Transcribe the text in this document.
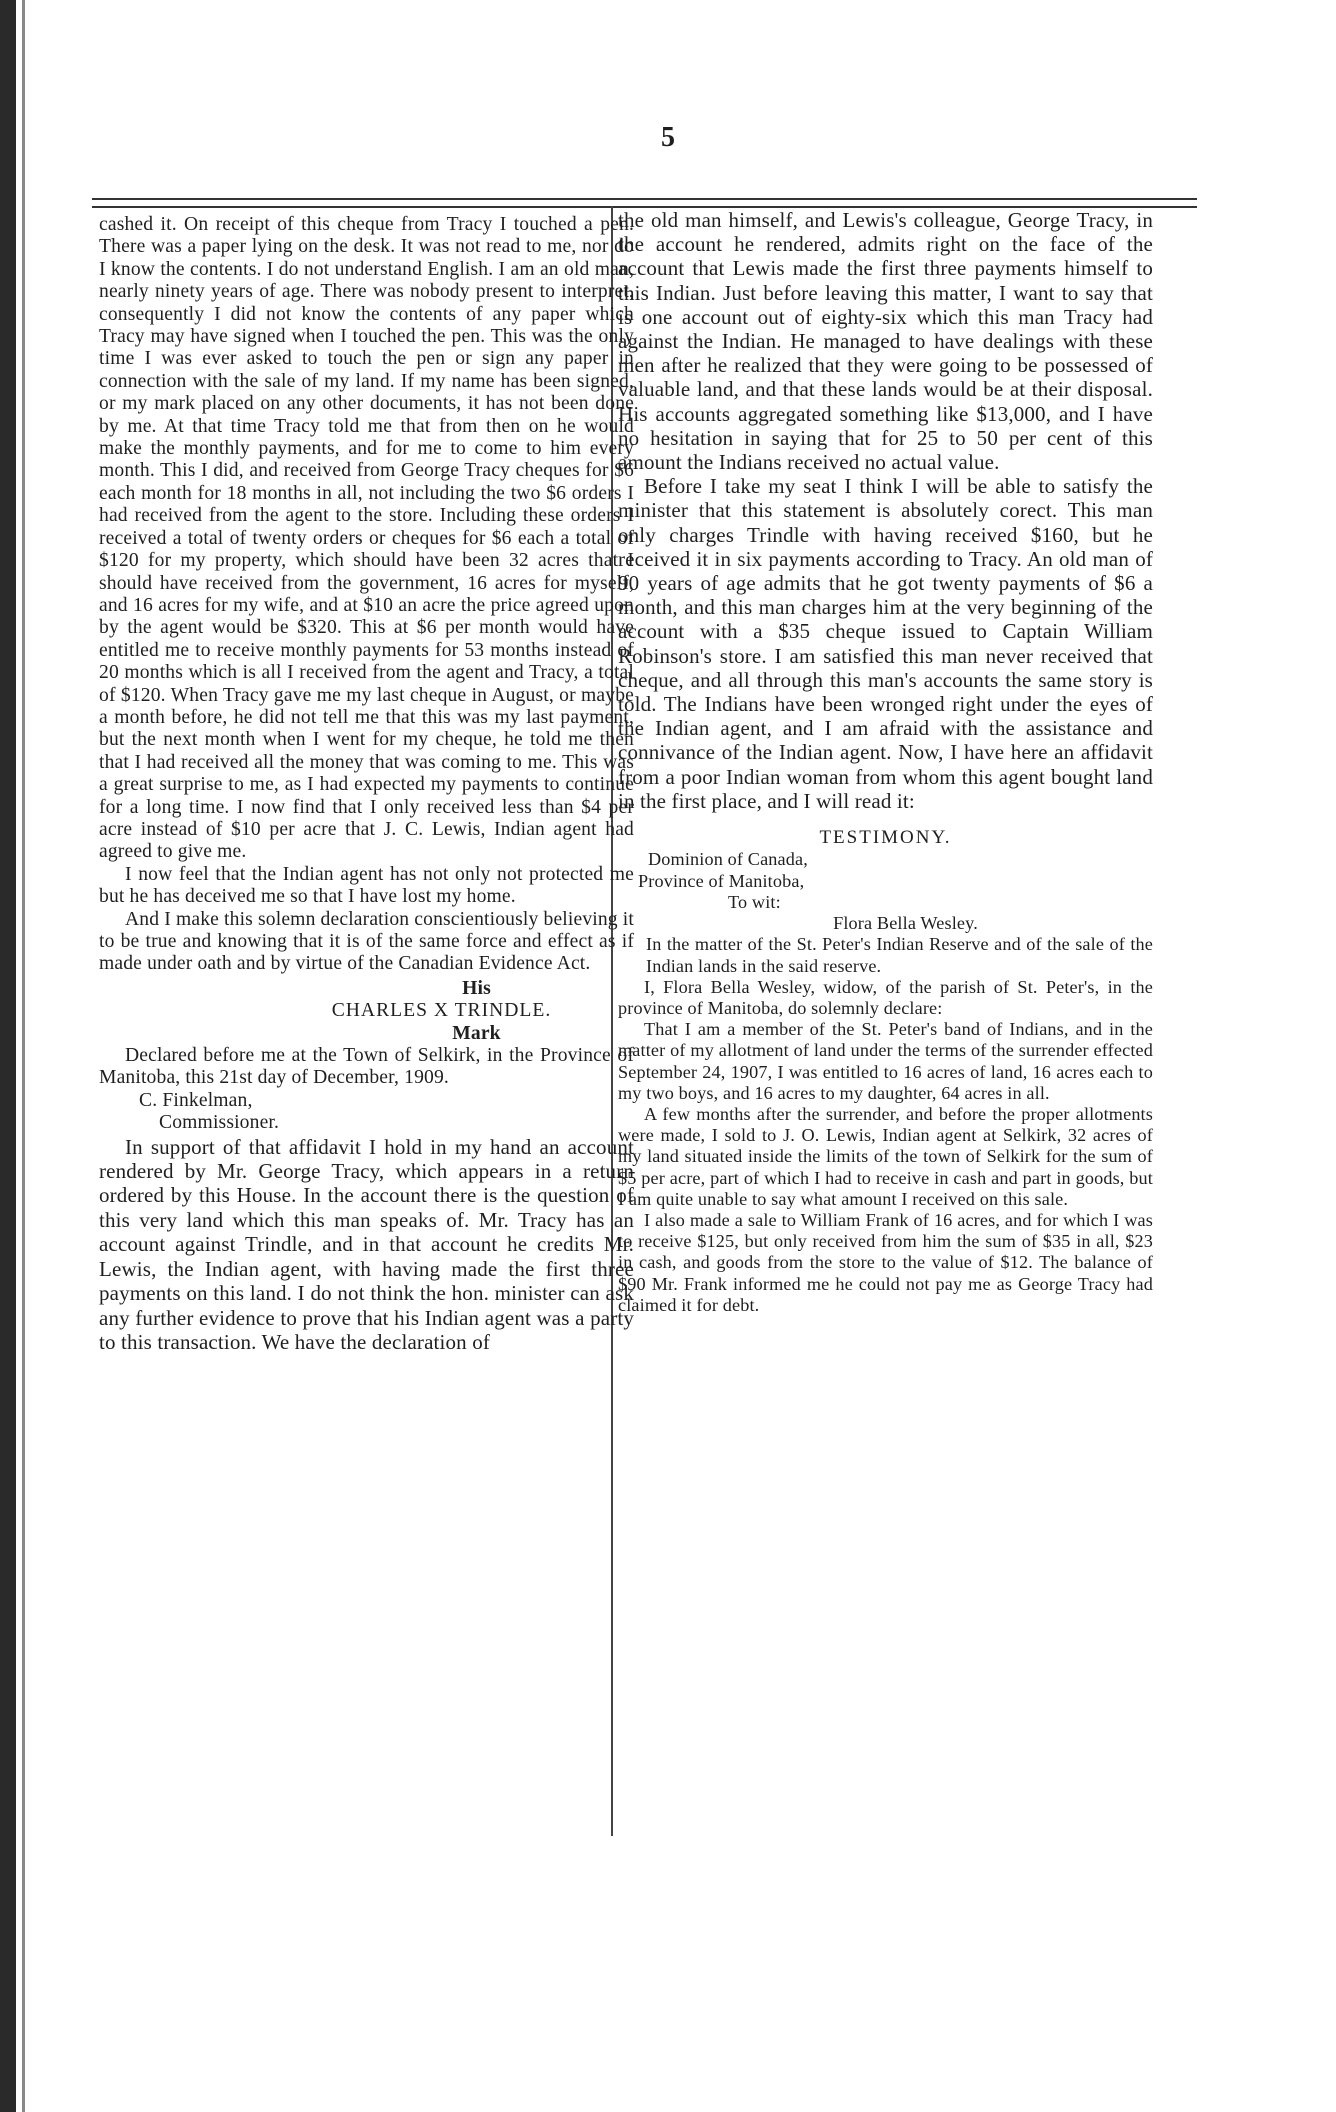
5

cashed it. On receipt of this cheque from Tracy I touched a pen. There was a paper lying on the desk. It was not read to me, nor do I know the contents. I do not understand English. I am an old man, nearly ninety years of age. There was nobody present to interpret, consequently I did not know the contents of any paper which Tracy may have signed when I touched the pen. This was the only time I was ever asked to touch the pen or sign any paper in connection with the sale of my land. If my name has been signed, or my mark placed on any other documents, it has not been done by me. At that time Tracy told me that from then on he would make the monthly payments, and for me to come to him every month. This I did, and received from George Tracy cheques for $6 each month for 18 months in all, not including the two $6 orders I had received from the agent to the store. Including these orders I received a total of twenty orders or cheques for $6 each a total of $120 for my property, which should have been 32 acres that I should have received from the government, 16 acres for myself, and 16 acres for my wife, and at $10 an acre the price agreed upon by the agent would be $320. This at $6 per month would have entitled me to receive monthly payments for 53 months instead of 20 months which is all I received from the agent and Tracy, a total of $120. When Tracy gave me my last cheque in August, or maybe a month before, he did not tell me that this was my last payment, but the next month when I went for my cheque, he told me then that I had received all the money that was coming to me. This was a great surprise to me, as I had expected my payments to continue for a long time. I now find that I only received less than $4 per acre instead of $10 per acre that J. C. Lewis, Indian agent had agreed to give me.

I now feel that the Indian agent has not only not protected me but he has deceived me so that I have lost my home.

And I make this solemn declaration conscientiously believing it to be true and knowing that it is of the same force and effect as if made under oath and by virtue of the Canadian Evidence Act.

His
CHARLES X TRINDLE.
Mark

Declared before me at the Town of Selkirk, in the Province of Manitoba, this 21st day of December, 1909.

C. Finkelman,
Commissioner.

In support of that affidavit I hold in my hand an account rendered by Mr. George Tracy, which appears in a return ordered by this House. In the account there is the question of this very land which this man speaks of. Mr. Tracy has an account against Trindle, and in that account he credits Mr. Lewis, the Indian agent, with having made the first three payments on this land. I do not think the hon. minister can ask any further evidence to prove that his Indian agent was a party to this transaction. We have the declaration of

the old man himself, and Lewis's colleague, George Tracy, in the account he rendered, admits right on the face of the account that Lewis made the first three payments himself to this Indian. Just before leaving this matter, I want to say that is one account out of eighty-six which this man Tracy had against the Indian. He managed to have dealings with these men after he realized that they were going to be possessed of valuable land, and that these lands would be at their disposal. His accounts aggregated something like $13,000, and I have no hesitation in saying that for 25 to 50 per cent of this amount the Indians received no actual value.

Before I take my seat I think I will be able to satisfy the minister that this statement is absolutely corect. This man only charges Trindle with having received $160, but he received it in six payments according to Tracy. An old man of 90 years of age admits that he got twenty payments of $6 a month, and this man charges him at the very beginning of the account with a $35 cheque issued to Captain William Robinson's store. I am satisfied this man never received that cheque, and all through this man's accounts the same story is told. The Indians have been wronged right under the eyes of the Indian agent, and I am afraid with the assistance and connivance of the Indian agent. Now, I have here an affidavit from a poor Indian woman from whom this agent bought land in the first place, and I will read it:

TESTIMONY.
Dominion of Canada,
Province of Manitoba,
To wit:
Flora Bella Wesley.

In the matter of the St. Peter's Indian Reserve and of the sale of the Indian lands in the said reserve.

I, Flora Bella Wesley, widow, of the parish of St. Peter's, in the province of Manitoba, do solemnly declare:

That I am a member of the St. Peter's band of Indians, and in the matter of my allotment of land under the terms of the surrender effected September 24, 1907, I was entitled to 16 acres of land, 16 acres each to my two boys, and 16 acres to my daughter, 64 acres in all.

A few months after the surrender, and before the proper allotments were made, I sold to J. O. Lewis, Indian agent at Selkirk, 32 acres of my land situated inside the limits of the town of Selkirk for the sum of $5 per acre, part of which I had to receive in cash and part in goods, but I am quite unable to say what amount I received on this sale.

I also made a sale to William Frank of 16 acres, and for which I was to receive $125, but only received from him the sum of $35 in all, $23 in cash, and goods from the store to the value of $12. The balance of $90 Mr. Frank informed me he could not pay me as George Tracy had claimed it for debt.
